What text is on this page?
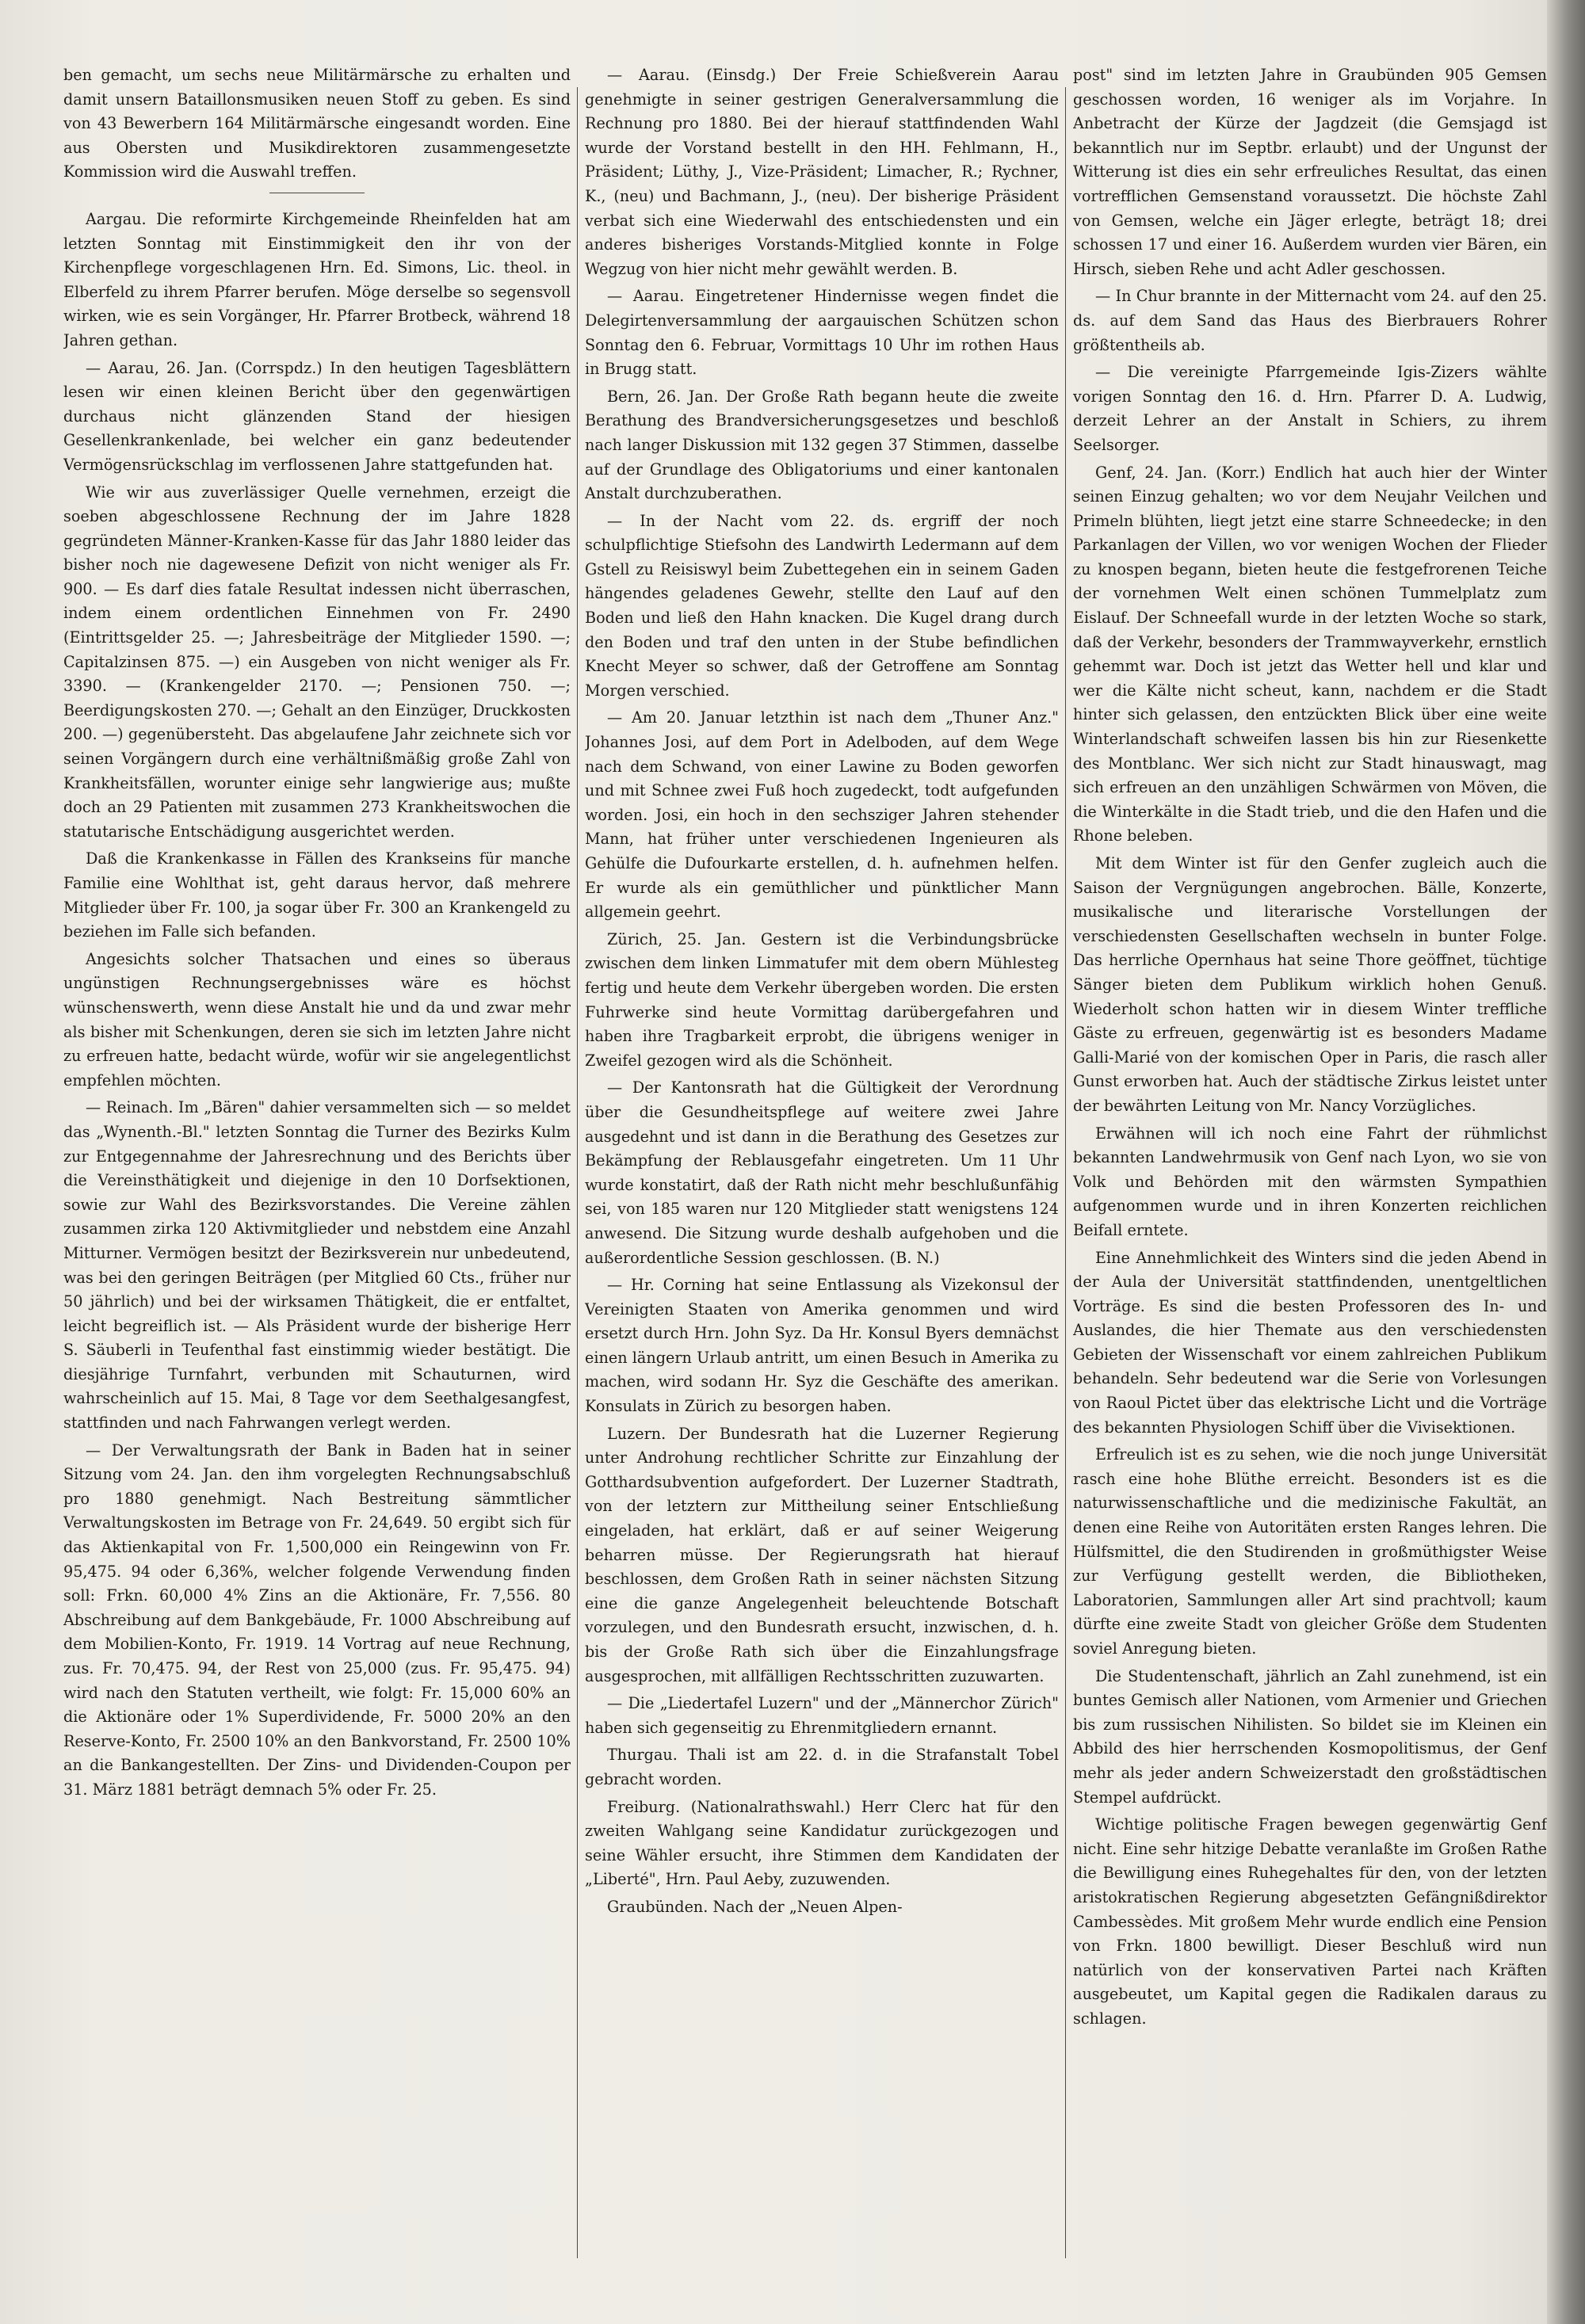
ben gemacht, um sechs neue Militärmärsche zu erhalten und damit unsern Bataillonsmusiken neuen Stoff zu geben. Es sind von 43 Bewerbern 164 Militärmärsche eingesandt worden. Eine aus Obersten und Musikdirektoren zusammengesetzte Kommission wird die Auswahl treffen.

Aargau. Die reformirte Kirchgemeinde Rheinfelden hat am letzten Sonntag mit Einstimmigkeit den ihr von der Kirchenpflege vorgeschlagenen Hrn. Ed. Simons, Lic. theol. in Elberfeld zu ihrem Pfarrer berufen. Möge derselbe so segensvoll wirken, wie es sein Vorgänger, Hr. Pfarrer Brotbeck, während 18 Jahren gethan.

— Aarau, 26. Jan. (Corrspdz.) In den heutigen Tagesblättern lesen wir einen kleinen Bericht über den gegenwärtigen durchaus nicht glänzenden Stand der hiesigen Gesellenkrankenlade, bei welcher ein ganz bedeutender Vermögensrückschlag im verflossenen Jahre stattgefunden hat.

Wie wir aus zuverlässiger Quelle vernehmen, erzeigt die soeben abgeschlossene Rechnung der im Jahre 1828 gegründeten Männer-Kranken-Kasse für das Jahr 1880 leider das bisher noch nie dagewesene Defizit von nicht weniger als Fr. 900. — Es darf dies fatale Resultat indessen nicht überraschen, indem einem ordentlichen Einnehmen von Fr. 2490 (Eintrittsgelder 25. —; Jahresbeiträge der Mitglieder 1590. —; Capitalzinsen 875. —) ein Ausgeben von nicht weniger als Fr. 3390. — (Krankengelder 2170. —; Pensionen 750. —; Beerdigungskosten 270. —; Gehalt an den Einzüger, Druckkosten 200. —) gegenübersteht. Das abgelaufene Jahr zeichnete sich vor seinen Vorgängern durch eine verhältnißmäßig große Zahl von Krankheitsfällen, worunter einige sehr langwierige aus; mußte doch an 29 Patienten mit zusammen 273 Krankheitswochen die statutarische Entschädigung ausgerichtet werden.

Daß die Krankenkasse in Fällen des Krankseins für manche Familie eine Wohlthat ist, geht daraus hervor, daß mehrere Mitglieder über Fr. 100, ja sogar über Fr. 300 an Krankengeld zu beziehen im Falle sich befanden.

Angesichts solcher Thatsachen und eines so überaus ungünstigen Rechnungsergebnisses wäre es höchst wünschenswerth, wenn diese Anstalt hie und da und zwar mehr als bisher mit Schenkungen, deren sie sich im letzten Jahre nicht zu erfreuen hatte, bedacht würde, wofür wir sie angelegentlichst empfehlen möchten.

— Reinach. Im „Bären" dahier versammelten sich — so meldet das „Wynenth.-Bl." letzten Sonntag die Turner des Bezirks Kulm zur Entgegennahme der Jahresrechnung und des Berichts über die Vereinsthätigkeit und diejenige in den 10 Dorfsektionen, sowie zur Wahl des Bezirksvorstandes. Die Vereine zählen zusammen zirka 120 Aktivmitglieder und nebstdem eine Anzahl Mitturner. Vermögen besitzt der Bezirksverein nur unbedeutend, was bei den geringen Beiträgen (per Mitglied 60 Cts., früher nur 50 jährlich) und bei der wirksamen Thätigkeit, die er entfaltet, leicht begreiflich ist. — Als Präsident wurde der bisherige Herr S. Säuberli in Teufenthal fast einstimmig wieder bestätigt. Die diesjährige Turnfahrt, verbunden mit Schauturnen, wird wahrscheinlich auf 15. Mai, 8 Tage vor dem Seethalgesangfest, stattfinden und nach Fahrwangen verlegt werden.

— Der Verwaltungsrath der Bank in Baden hat in seiner Sitzung vom 24. Jan. den ihm vorgelegten Rechnungsabschluß pro 1880 genehmigt. Nach Bestreitung sämmtlicher Verwaltungskosten im Betrage von Fr. 24,649. 50 ergibt sich für das Aktienkapital von Fr. 1,500,000 ein Reingewinn von Fr. 95,475. 94 oder 6,36%, welcher folgende Verwendung finden soll: Frkn. 60,000 4% Zins an die Aktionäre, Fr. 7,556. 80 Abschreibung auf dem Bankgebäude, Fr. 1000 Abschreibung auf dem Mobilien-Konto, Fr. 1919. 14 Vortrag auf neue Rechnung, zus. Fr. 70,475. 94, der Rest von 25,000 (zus. Fr. 95,475. 94) wird nach den Statuten vertheilt, wie folgt: Fr. 15,000 60% an die Aktionäre oder 1% Superdividende, Fr. 5000 20% an den Reserve-Konto, Fr. 2500 10% an den Bankvorstand, Fr. 2500 10% an die Bankangestellten. Der Zins- und Dividenden-Coupon per 31. März 1881 beträgt demnach 5% oder Fr. 25.

— Aarau. (Einsdg.) Der Freie Schießverein Aarau genehmigte in seiner gestrigen Generalversammlung die Rechnung pro 1880. Bei der hierauf stattfindenden Wahl wurde der Vorstand bestellt in den HH. Fehlmann, H., Präsident; Lüthy, J., Vize-Präsident; Limacher, R.; Rychner, K., (neu) und Bachmann, J., (neu). Der bisherige Präsident verbat sich eine Wiederwahl des entschiedensten und ein anderes bisheriges Vorstands-Mitglied konnte in Folge Wegzug von hier nicht mehr gewählt werden. B.

— Aarau. Eingetretener Hindernisse wegen findet die Delegirtenversammlung der aargauischen Schützen schon Sonntag den 6. Februar, Vormittags 10 Uhr im rothen Haus in Brugg statt.

Bern, 26. Jan. Der Große Rath begann heute die zweite Berathung des Brandversicherungsgesetzes und beschloß nach langer Diskussion mit 132 gegen 37 Stimmen, dasselbe auf der Grundlage des Obligatoriums und einer kantonalen Anstalt durchzuberathen.

— In der Nacht vom 22. ds. ergriff der noch schulpflichtige Stiefsohn des Landwirth Ledermann auf dem Gstell zu Reisiswyl beim Zubettegehen ein in seinem Gaden hängendes geladenes Gewehr, stellte den Lauf auf den Boden und ließ den Hahn knacken. Die Kugel drang durch den Boden und traf den unten in der Stube befindlichen Knecht Meyer so schwer, daß der Getroffene am Sonntag Morgen verschied.

— Am 20. Januar letzthin ist nach dem „Thuner Anz." Johannes Josi, auf dem Port in Adelboden, auf dem Wege nach dem Schwand, von einer Lawine zu Boden geworfen und mit Schnee zwei Fuß hoch zugedeckt, todt aufgefunden worden. Josi, ein hoch in den sechsziger Jahren stehender Mann, hat früher unter verschiedenen Ingenieuren als Gehülfe die Dufourkarte erstellen, d. h. aufnehmen helfen. Er wurde als ein gemüthlicher und pünktlicher Mann allgemein geehrt.

Zürich, 25. Jan. Gestern ist die Verbindungsbrücke zwischen dem linken Limmatufer mit dem obern Mühlesteg fertig und heute dem Verkehr übergeben worden. Die ersten Fuhrwerke sind heute Vormittag darübergefahren und haben ihre Tragbarkeit erprobt, die übrigens weniger in Zweifel gezogen wird als die Schönheit.

— Der Kantonsrath hat die Gültigkeit der Verordnung über die Gesundheitspflege auf weitere zwei Jahre ausgedehnt und ist dann in die Berathung des Gesetzes zur Bekämpfung der Reblausgefahr eingetreten. Um 11 Uhr wurde konstatirt, daß der Rath nicht mehr beschlußunfähig sei, von 185 waren nur 120 Mitglieder statt wenigstens 124 anwesend. Die Sitzung wurde deshalb aufgehoben und die außerordentliche Session geschlossen. (B. N.)

— Hr. Corning hat seine Entlassung als Vizekonsul der Vereinigten Staaten von Amerika genommen und wird ersetzt durch Hrn. John Syz. Da Hr. Konsul Byers demnächst einen längern Urlaub antritt, um einen Besuch in Amerika zu machen, wird sodann Hr. Syz die Geschäfte des amerikan. Konsulats in Zürich zu besorgen haben.

Luzern. Der Bundesrath hat die Luzerner Regierung unter Androhung rechtlicher Schritte zur Einzahlung der Gotthardsubvention aufgefordert. Der Luzerner Stadtrath, von der letztern zur Mittheilung seiner Entschließung eingeladen, hat erklärt, daß er auf seiner Weigerung beharren müsse. Der Regierungsrath hat hierauf beschlossen, dem Großen Rath in seiner nächsten Sitzung eine die ganze Angelegenheit beleuchtende Botschaft vorzulegen, und den Bundesrath ersucht, inzwischen, d. h. bis der Große Rath sich über die Einzahlungsfrage ausgesprochen, mit allfälligen Rechtsschritten zuzuwarten.

— Die „Liedertafel Luzern" und der „Männerchor Zürich" haben sich gegenseitig zu Ehrenmitgliedern ernannt.

Thurgau. Thali ist am 22. d. in die Strafanstalt Tobel gebracht worden.

Freiburg. (Nationalrathswahl.) Herr Clerc hat für den zweiten Wahlgang seine Kandidatur zurückgezogen und seine Wähler ersucht, ihre Stimmen dem Kandidaten der „Liberté", Hrn. Paul Aeby, zuzuwenden.

Graubünden. Nach der „Neuen Alpen-

post" sind im letzten Jahre in Graubünden 905 Gemsen geschossen worden, 16 weniger als im Vorjahre. In Anbetracht der Kürze der Jagdzeit (die Gemsjagd ist bekanntlich nur im Septbr. erlaubt) und der Ungunst der Witterung ist dies ein sehr erfreuliches Resultat, das einen vortrefflichen Gemsenstand voraussetzt. Die höchste Zahl von Gemsen, welche ein Jäger erlegte, beträgt 18; drei schossen 17 und einer 16. Außerdem wurden vier Bären, ein Hirsch, sieben Rehe und acht Adler geschossen.

— In Chur brannte in der Mitternacht vom 24. auf den 25. ds. auf dem Sand das Haus des Bierbrauers Rohrer größtentheils ab.

— Die vereinigte Pfarrgemeinde Igis-Zizers wählte vorigen Sonntag den 16. d. Hrn. Pfarrer D. A. Ludwig, derzeit Lehrer an der Anstalt in Schiers, zu ihrem Seelsorger.

Genf, 24. Jan. (Korr.) Endlich hat auch hier der Winter seinen Einzug gehalten; wo vor dem Neujahr Veilchen und Primeln blühten, liegt jetzt eine starre Schneedecke; in den Parkanlagen der Villen, wo vor wenigen Wochen der Flieder zu knospen begann, bieten heute die festgefrorenen Teiche der vornehmen Welt einen schönen Tummelplatz zum Eislauf. Der Schneefall wurde in der letzten Woche so stark, daß der Verkehr, besonders der Trammwayverkehr, ernstlich gehemmt war. Doch ist jetzt das Wetter hell und klar und wer die Kälte nicht scheut, kann, nachdem er die Stadt hinter sich gelassen, den entzückten Blick über eine weite Winterlandschaft schweifen lassen bis hin zur Riesenkette des Montblanc. Wer sich nicht zur Stadt hinauswagt, mag sich erfreuen an den unzähligen Schwärmen von Möven, die die Winterkälte in die Stadt trieb, und die den Hafen und die Rhone beleben.

Mit dem Winter ist für den Genfer zugleich auch die Saison der Vergnügungen angebrochen. Bälle, Konzerte, musikalische und literarische Vorstellungen der verschiedensten Gesellschaften wechseln in bunter Folge. Das herrliche Opernhaus hat seine Thore geöffnet, tüchtige Sänger bieten dem Publikum wirklich hohen Genuß. Wiederholt schon hatten wir in diesem Winter treffliche Gäste zu erfreuen, gegenwärtig ist es besonders Madame Galli-Marié von der komischen Oper in Paris, die rasch aller Gunst erworben hat. Auch der städtische Zirkus leistet unter der bewährten Leitung von Mr. Nancy Vorzügliches.

Erwähnen will ich noch eine Fahrt der rühmlichst bekannten Landwehrmusik von Genf nach Lyon, wo sie von Volk und Behörden mit den wärmsten Sympathien aufgenommen wurde und in ihren Konzerten reichlichen Beifall erntete.

Eine Annehmlichkeit des Winters sind die jeden Abend in der Aula der Universität stattfindenden, unentgeltlichen Vorträge. Es sind die besten Professoren des In- und Auslandes, die hier Themate aus den verschiedensten Gebieten der Wissenschaft vor einem zahlreichen Publikum behandeln. Sehr bedeutend war die Serie von Vorlesungen von Raoul Pictet über das elektrische Licht und die Vorträge des bekannten Physiologen Schiff über die Vivisektionen.

Erfreulich ist es zu sehen, wie die noch junge Universität rasch eine hohe Blüthe erreicht. Besonders ist es die naturwissenschaftliche und die medizinische Fakultät, an denen eine Reihe von Autoritäten ersten Ranges lehren. Die Hülfsmittel, die den Studirenden in großmüthigster Weise zur Verfügung gestellt werden, die Bibliotheken, Laboratorien, Sammlungen aller Art sind prachtvoll; kaum dürfte eine zweite Stadt von gleicher Größe dem Studenten soviel Anregung bieten.

Die Studentenschaft, jährlich an Zahl zunehmend, ist ein buntes Gemisch aller Nationen, vom Armenier und Griechen bis zum russischen Nihilisten. So bildet sie im Kleinen ein Abbild des hier herrschenden Kosmopolitismus, der Genf mehr als jeder andern Schweizerstadt den großstädtischen Stempel aufdrückt.

Wichtige politische Fragen bewegen gegenwärtig Genf nicht. Eine sehr hitzige Debatte veranlaßte im Großen Rathe die Bewilligung eines Ruhegehaltes für den, von der letzten aristokratischen Regierung abgesetzten Gefängnißdirektor Cambessèdes. Mit großem Mehr wurde endlich eine Pension von Frkn. 1800 bewilligt. Dieser Beschluß wird nun natürlich von der konservativen Partei nach Kräften ausgebeutet, um Kapital gegen die Radikalen daraus zu schlagen.
